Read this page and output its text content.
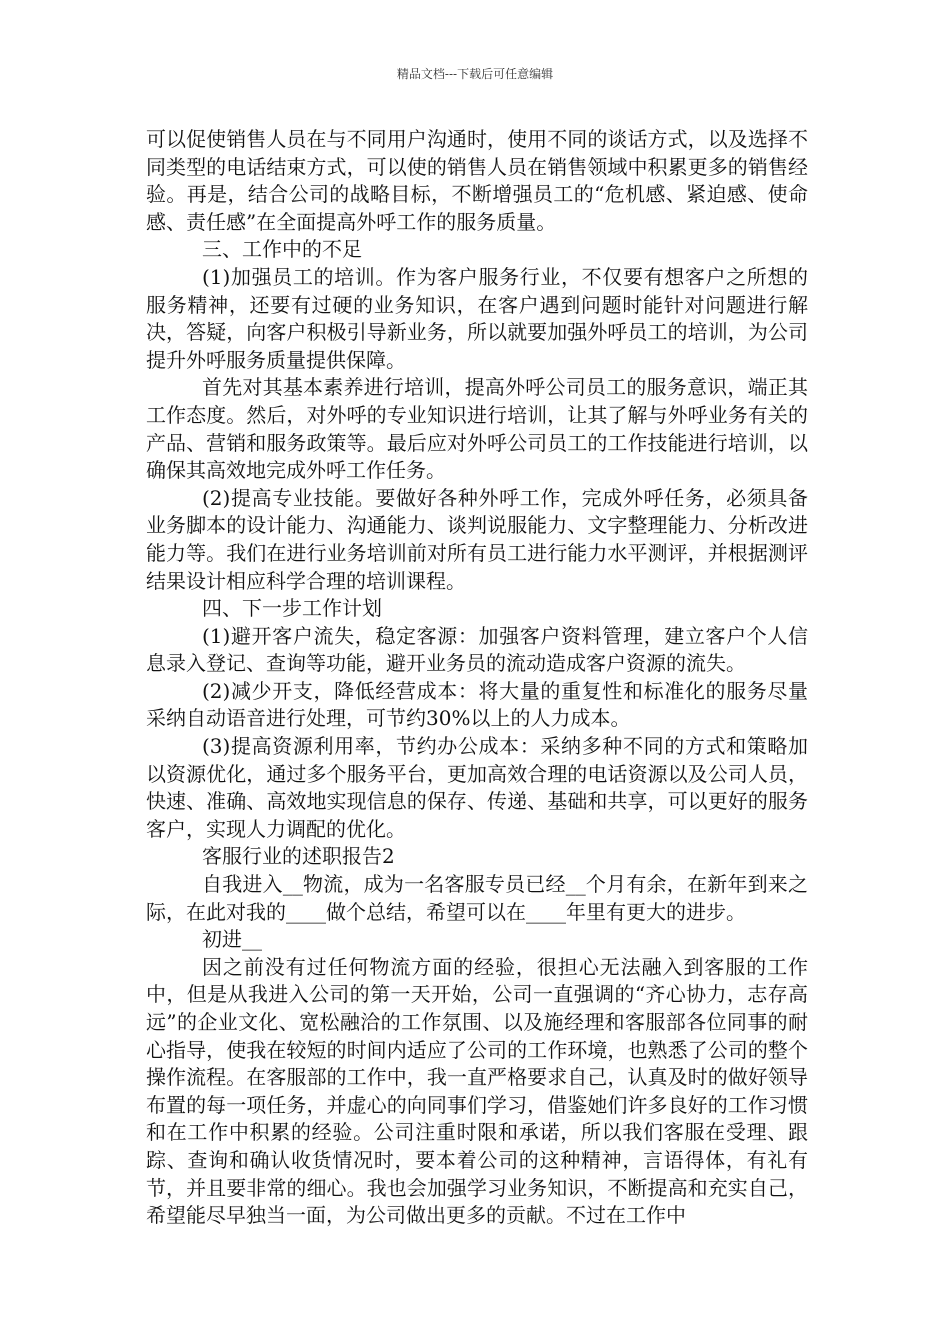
精品文档---下载后可任意编辑

可以促使销售人员在与不同用户沟通时，使用不同的谈话方式，以及选择不同类型的电话结束方式，可以使的销售人员在销售领域中积累更多的销售经验。再是，结合公司的战略目标，不断增强员工的“危机感、紧迫感、使命感、责任感”在全面提高外呼工作的服务质量。

三、工作中的不足

(1)加强员工的培训。作为客户服务行业，不仅要有想客户之所想的服务精神，还要有过硬的业务知识，在客户遇到问题时能针对问题进行解决，答疑，向客户积极引导新业务，所以就要加强外呼员工的培训，为公司提升外呼服务质量提供保障。

首先对其基本素养进行培训，提高外呼公司员工的服务意识，端正其工作态度。然后，对外呼的专业知识进行培训，让其了解与外呼业务有关的产品、营销和服务政策等。最后应对外呼公司员工的工作技能进行培训，以确保其高效地完成外呼工作任务。

(2)提高专业技能。要做好各种外呼工作，完成外呼任务，必须具备业务脚本的设计能力、沟通能力、谈判说服能力、文字整理能力、分析改进能力等。我们在进行业务培训前对所有员工进行能力水平测评，并根据测评结果设计相应科学合理的培训课程。

四、下一步工作计划

(1)避开客户流失，稳定客源：加强客户资料管理，建立客户个人信息录入登记、查询等功能，避开业务员的流动造成客户资源的流失。

(2)减少开支，降低经营成本：将大量的重复性和标准化的服务尽量采纳自动语音进行处理，可节约30%以上的人力成本。

(3)提高资源利用率，节约办公成本：采纳多种不同的方式和策略加以资源优化，通过多个服务平台，更加高效合理的电话资源以及公司人员，快速、准确、高效地实现信息的保存、传递、基础和共享，可以更好的服务客户，实现人力调配的优化。

客服行业的述职报告2

自我进入__物流，成为一名客服专员已经__个月有余，在新年到来之际，在此对我的____做个总结，希望可以在____年里有更大的进步。

初进__

因之前没有过任何物流方面的经验，很担心无法融入到客服的工作中，但是从我进入公司的第一天开始，公司一直强调的“齐心协力，志存高远”的企业文化、宽松融洽的工作氛围、以及施经理和客服部各位同事的耐心指导，使我在较短的时间内适应了公司的工作环境，也熟悉了公司的整个操作流程。在客服部的工作中，我一直严格要求自己，认真及时的做好领导布置的每一项任务，并虚心的向同事们学习，借鉴她们许多良好的工作习惯和在工作中积累的经验。公司注重时限和承诺，所以我们客服在受理、跟踪、查询和确认收货情况时，要本着公司的这种精神，言语得体，有礼有节，并且要非常的细心。我也会加强学习业务知识，不断提高和充实自己，希望能尽早独当一面，为公司做出更多的贡献。不过在工作中
